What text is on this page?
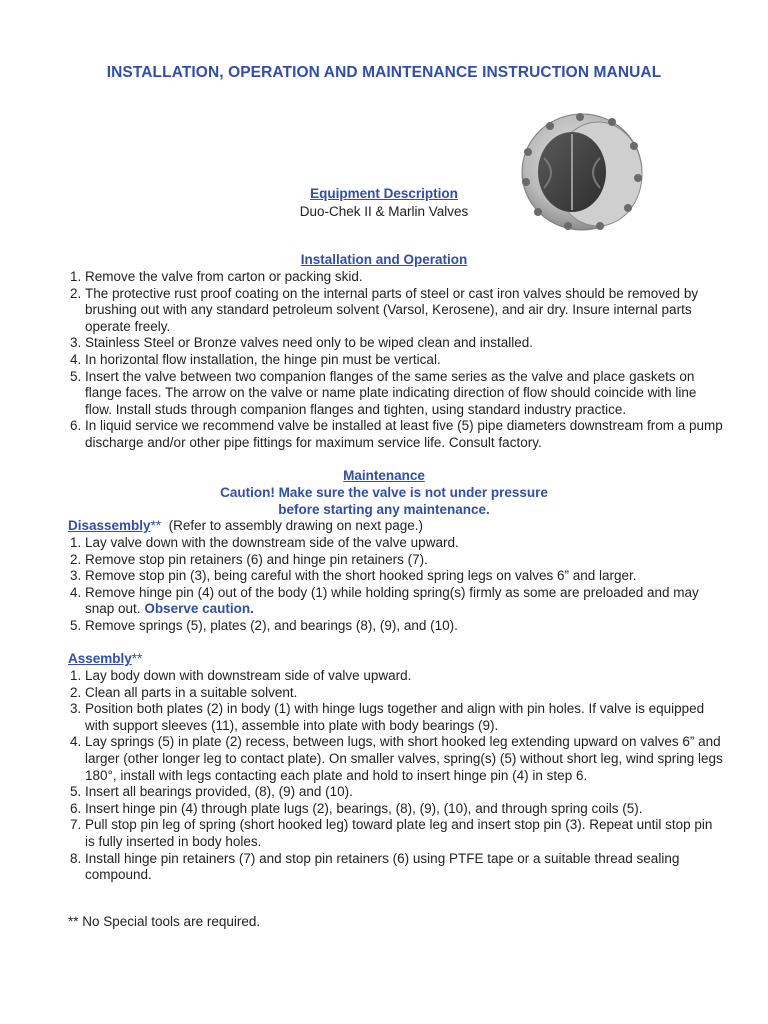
INSTALLATION, OPERATION AND MAINTENANCE INSTRUCTION MANUAL
Equipment Description
Duo-Chek II & Marlin Valves
Installation and Operation
1. Remove the valve from carton or packing skid.
2. The protective rust proof coating on the internal parts of steel or cast iron valves should be removed by brushing out with any standard petroleum solvent (Varsol, Kerosene), and air dry. Insure internal parts operate freely.
3. Stainless Steel or Bronze valves need only to be wiped clean and installed.
4. In horizontal flow installation, the hinge pin must be vertical.
5. Insert the valve between two companion flanges of the same series as the valve and place gaskets on flange faces. The arrow on the valve or name plate indicating direction of flow should coincide with line flow. Install studs through companion flanges and tighten, using standard industry practice.
6. In liquid service we recommend valve be installed at least five (5) pipe diameters downstream from a pump discharge and/or other pipe fittings for maximum service life. Consult factory.
Maintenance
Caution! Make sure the valve is not under pressure
before starting any maintenance.
Disassembly** (Refer to assembly drawing on next page.)
1. Lay valve down with the downstream side of the valve upward.
2. Remove stop pin retainers (6) and hinge pin retainers (7).
3. Remove stop pin (3), being careful with the short hooked spring legs on valves 6” and larger.
4. Remove hinge pin (4) out of the body (1) while holding spring(s) firmly as some are preloaded and may snap out. Observe caution.
5. Remove springs (5), plates (2), and bearings (8), (9), and (10).
Assembly**
1. Lay body down with downstream side of valve upward.
2. Clean all parts in a suitable solvent.
3. Position both plates (2) in body (1) with hinge lugs together and align with pin holes. If valve is equipped with support sleeves (11), assemble into plate with body bearings (9).
4. Lay springs (5) in plate (2) recess, between lugs, with short hooked leg extending upward on valves 6” and larger (other longer leg to contact plate). On smaller valves, spring(s) (5) without short leg, wind spring legs 180°, install with legs contacting each plate and hold to insert hinge pin (4) in step 6.
5. Insert all bearings provided, (8), (9) and (10).
6. Insert hinge pin (4) through plate lugs (2), bearings, (8), (9), (10), and through spring coils (5).
7. Pull stop pin leg of spring (short hooked leg) toward plate leg and insert stop pin (3). Repeat until stop pin is fully inserted in body holes.
8. Install hinge pin retainers (7) and stop pin retainers (6) using PTFE tape or a suitable thread sealing compound.
** No Special tools are required.
